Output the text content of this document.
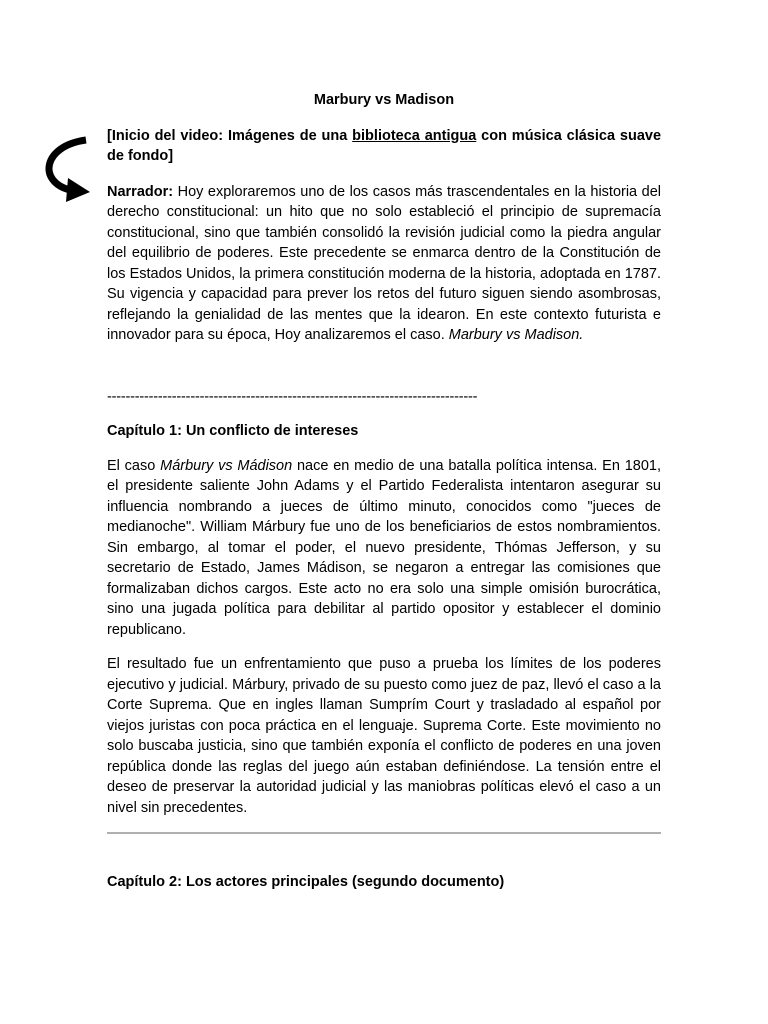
Marbury vs Madison
[Inicio del video: Imágenes de una biblioteca antigua con música clásica suave de fondo]

Narrador: Hoy exploraremos uno de los casos más trascendentales en la historia del derecho constitucional: un hito que no solo estableció el principio de supremacía constitucional, sino que también consolidó la revisión judicial como la piedra angular del equilibrio de poderes. Este precedente se enmarca dentro de la Constitución de los Estados Unidos, la primera constitución moderna de la historia, adoptada en 1787. Su vigencia y capacidad para prever los retos del futuro siguen siendo asombrosas, reflejando la genialidad de las mentes que la idearon. En este contexto futurista e innovador para su época, Hoy analizaremos el caso. Marbury vs Madison.

--------------------------------------------------------------------------------
Capítulo 1: Un conflicto de intereses

El caso Márbury vs Mádison nace en medio de una batalla política intensa. En 1801, el presidente saliente John Adams y el Partido Federalista intentaron asegurar su influencia nombrando a jueces de último minuto, conocidos como "jueces de medianoche". William Márbury fue uno de los beneficiarios de estos nombramientos. Sin embargo, al tomar el poder, el nuevo presidente, Thómas Jefferson, y su secretario de Estado, James Mádison, se negaron a entregar las comisiones que formalizaban dichos cargos. Este acto no era solo una simple omisión burocrática, sino una jugada política para debilitar al partido opositor y establecer el dominio republicano.

El resultado fue un enfrentamiento que puso a prueba los límites de los poderes ejecutivo y judicial. Márbury, privado de su puesto como juez de paz, llevó el caso a la Corte Suprema. Que en ingles llaman Sumprím Court y trasladado al español por viejos juristas con poca práctica en el lenguaje. Suprema Corte. Este movimiento no solo buscaba justicia, sino que también exponía el conflicto de poderes en una joven república donde las reglas del juego aún estaban definiéndose. La tensión entre el deseo de preservar la autoridad judicial y las maniobras políticas elevó el caso a un nivel sin precedentes.

Capítulo 2: Los actores principales (segundo documento)
